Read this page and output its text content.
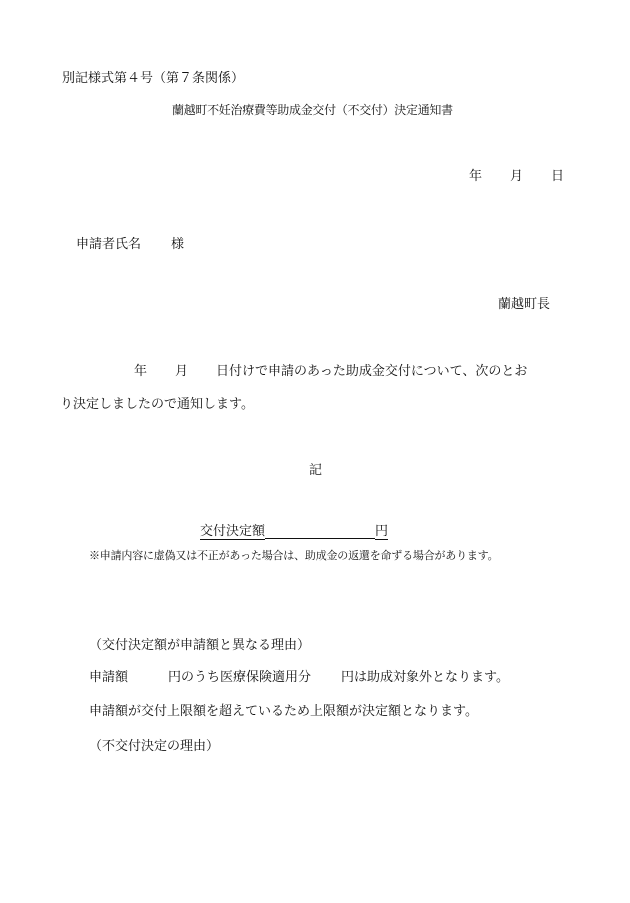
別記様式第４号（第７条関係）
蘭越町不妊治療費等助成金交付（不交付）決定通知書
年 月 日
申請者氏名 様
蘭越町長
年 月 日付けで申請のあった助成金交付について、次のとお
り決定しましたので通知します。
記
交付決定額	円
※申請内容に虚偽又は不正があった場合は、助成金の返還を命ずる場合があります。
（交付決定額が申請額と異なる理由）
申請額	円のうち医療保険適用分 円は助成対象外となります。
申請額が交付上限額を超えているため上限額が決定額となります。
（不交付決定の理由）
